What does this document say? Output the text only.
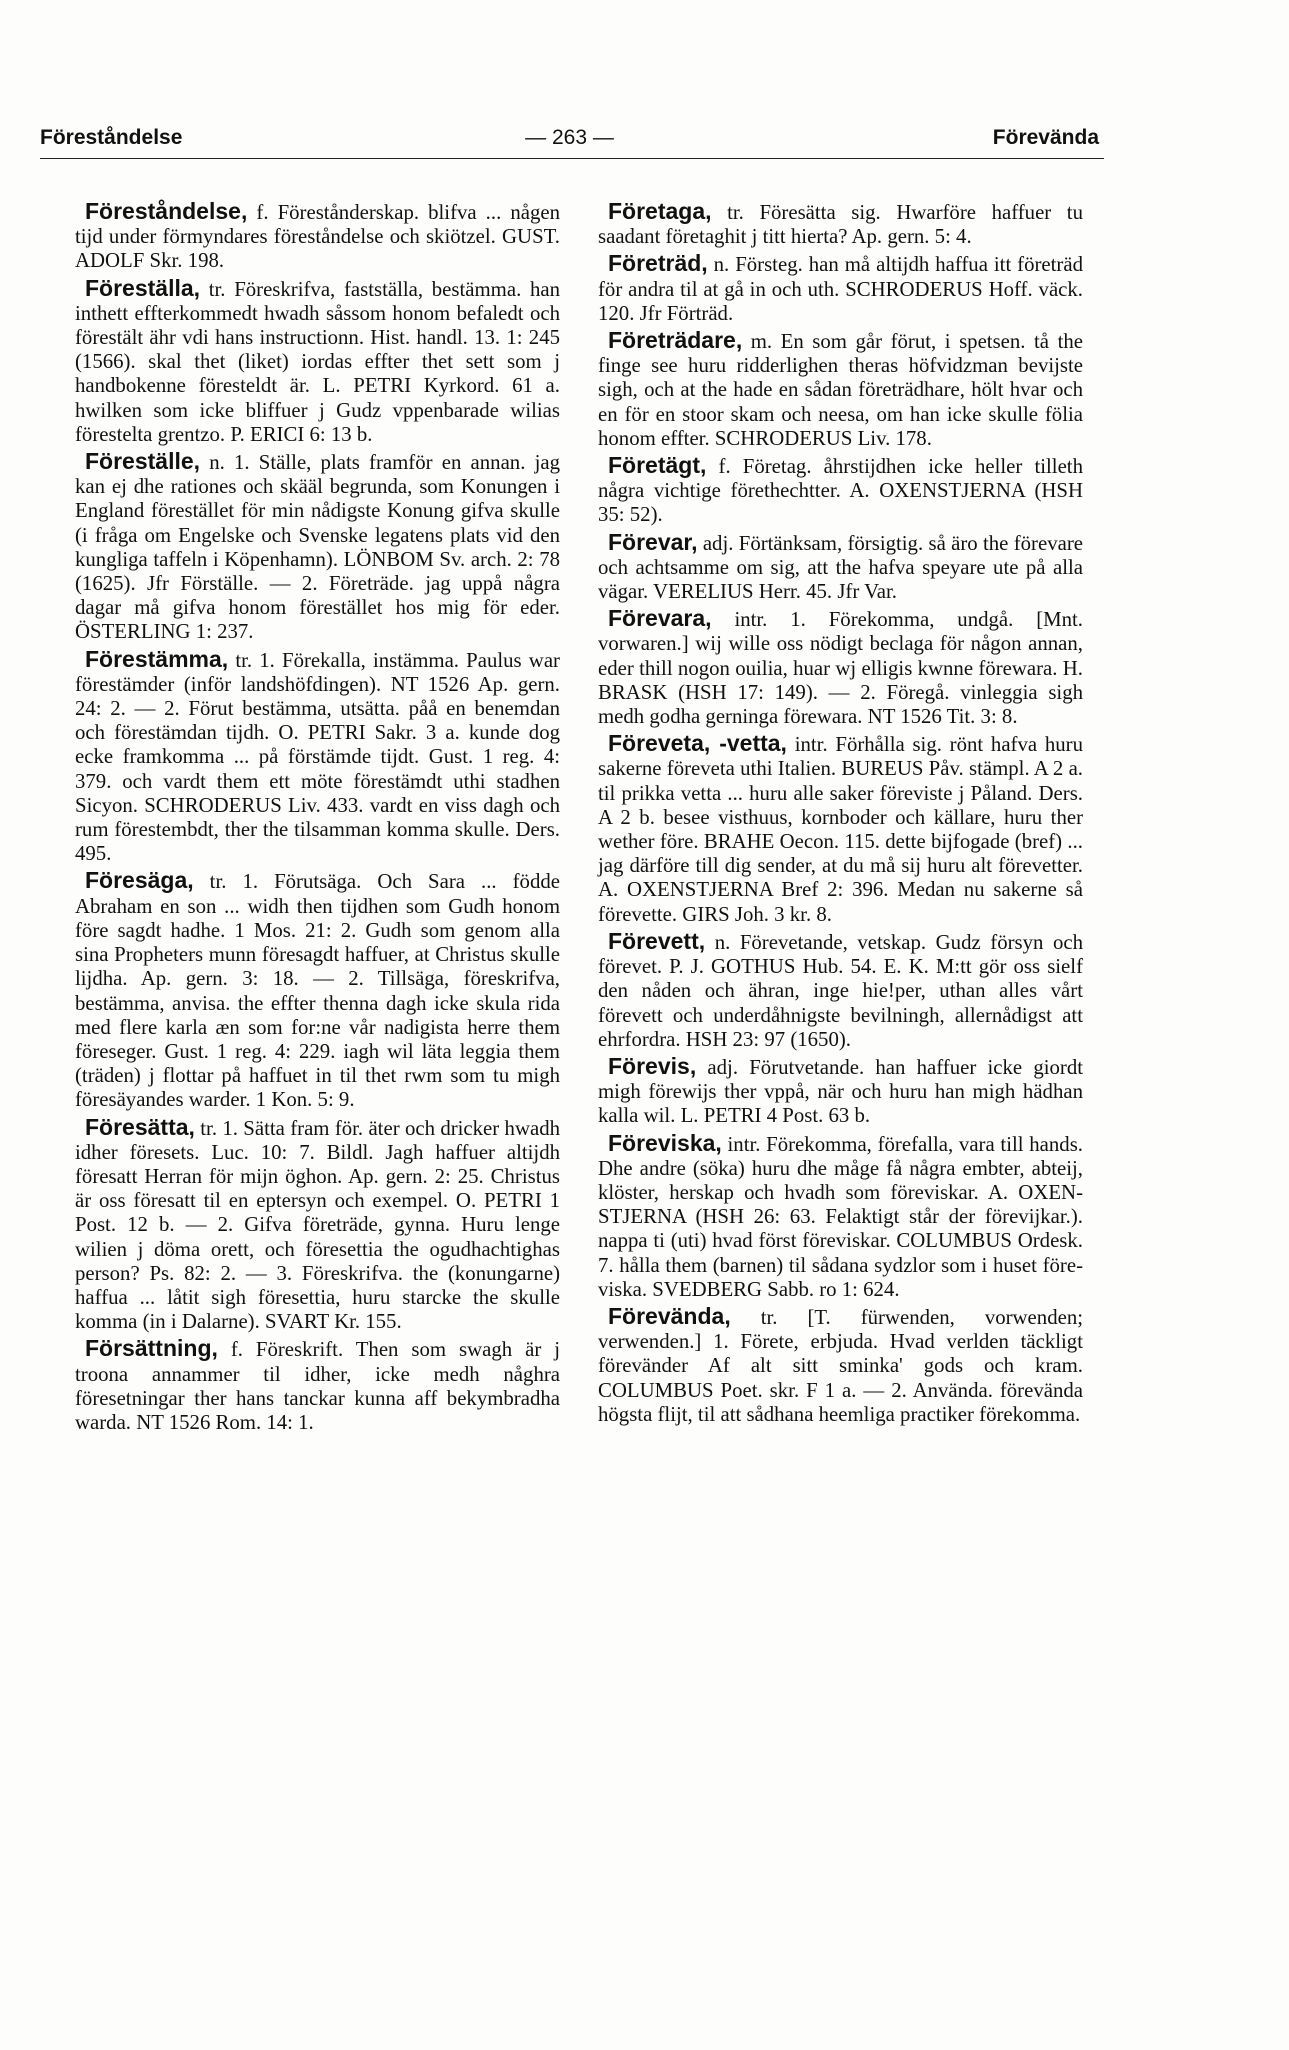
Föreståndelse	— 263 —	Förevända

Föreståndelse, f. Förestånderskap. blifva ... någen tijd under förmyndares föreståndelse och skiötzel. GUST. ADOLF Skr. 198.

Föreställa, tr. Föreskrifva, fastställa, bestämma. han inthett effterkommedt hwadh såssom honom befaledt och förestält ähr vdi hans instructionn. Hist. handl. 13. 1: 245 (1566). skal thet (liket) iordas effter thet sett som j handbokenne föresteldt är. L. PETRI Kyrkord. 61 a. hwilken som icke bliffuer j Gudz vppenbarade wilias förestelta grentzo. P. ERICI 6: 13 b.

Föreställe, n. 1. Ställe, plats framför en annan. jag kan ej dhe rationes och skääl begrunda, som Konungen i England förestället för min nådigste Konung gifva skulle (i fråga om Engelske och Svenske legatens plats vid den kungliga taffeln i Köpenhamn). LÖNBOM Sv. arch. 2: 78 (1625). Jfr Förställe. — 2. Företräde. jag uppå några dagar må gifva honom förestället hos mig för eder. ÖSTERLING 1: 237.

Förestämma, tr. 1. Förekalla, instämma. Paulus war förestämder (inför landshöfdingen). NT 1526 Ap. gern. 24: 2. — 2. Förut bestämma, utsätta. påå en benemdan och förestämdan tijdh. O. PETRI Sakr. 3 a. kunde dog ecke framkomma ... på förstämde tijdt. Gust. 1 reg. 4: 379. och vardt them ett möte förestämdt uthi stadhen Sicyon. SCHRODERUS Liv. 433. vardt en viss dagh och rum förestembdt, ther the tilsamman komma skulle. Ders. 495.

Föresäga, tr. 1. Förutsäga. Och Sara ... födde Abraham en son ... widh then tijdhen som Gudh honom före sagdt hadhe. 1 Mos. 21: 2. Gudh som genom alla sina Propheters munn föresagdt haffuer, at Christus skulle lijdha. Ap. gern. 3: 18. — 2. Tillsäga, föreskrifva, bestämma, anvisa. the effter thenna dagh icke skula rida med flere karla æn som for:ne vår nadigista herre them föreseger. Gust. 1 reg. 4: 229. iagh wil läta leggia them (träden) j flottar på haffuet in til thet rwm som tu migh föresäyandes warder. 1 Kon. 5: 9.

Föresätta, tr. 1. Sätta fram för. äter och dricker hwadh idher föresets. Luc. 10: 7. Bildl. Jagh haffuer altijdh föresatt Herran för mijn öghon. Ap. gern. 2: 25. Christus är oss föresatt til en eptersyn och exempel. O. PETRI 1 Post. 12 b. — 2. Gifva företräde, gynna. Huru lenge wilien j döma orett, och föresettia the ogudhachtighas person? Ps. 82: 2. — 3. Föreskrifva. the (konungarne) haffua ... låtit sigh föresettia, huru starcke the skulle komma (in i Dalarne). SVART Kr. 155.

Försättning, f. Föreskrift. Then som swagh är j troona annammer til idher, icke medh någhra föresetningar ther hans tanckar kunna aff bekymbradha warda. NT 1526 Rom. 14: 1.

Företaga, tr. Föresätta sig. Hwarföre haffuer tu saadant företaghit j titt hierta? Ap. gern. 5: 4.

Företräd, n. Försteg. han må altijdh haffua itt företräd för andra til at gå in och uth. SCHRODERUS Hoff. väck. 120. Jfr Förträd.

Företrädare, m. En som går förut, i spetsen. tå the finge see huru ridderlighen theras höfvidzman bevijste sigh, och at the hade en sådan företrädhare, hölt hvar och en för en stoor skam och neesa, om han icke skulle fölia honom effter. SCHRODERUS Liv. 178.

Företägt, f. Företag. åhrstijdhen icke heller tilleth några vichtige förethechtter. A. OXENSTJERNA (HSH 35: 52).

Förevar, adj. Förtänksam, försigtig. så äro the förevare och achtsamme om sig, att the hafva speyare ute på alla vägar. VERELIUS Herr. 45. Jfr Var.

Förevara, intr. 1. Förekomma, undgå. [Mnt. vorwaren.] wij wille oss nödigt beclaga för någon annan, eder thill nogon ouilia, huar wj elligis kwnne förewara. H. BRASK (HSH 17: 149). — 2. Föregå. vinleggia sigh medh godha gerninga förewara. NT 1526 Tit. 3: 8.

Föreveta, -vetta, intr. Förhålla sig. rönt hafva huru sakerne föreveta uthi Italien. BUREUS Påv. stämpl. A 2 a. til prikka vetta ... huru alle saker föreviste j Påland. Ders. A 2 b. besee visthuus, kornboder och källare, huru ther wether före. BRAHE Oecon. 115. dette bijfogade (bref) ... jag därföre till dig sender, at du må sij huru alt förevetter. A. OXENSTJERNA Bref 2: 396. Medan nu sakerne så förevette. GIRS Joh. 3 kr. 8.

Förevett, n. Förevetande, vetskap. Gudz försyn och förevet. P. J. GOTHUS Hub. 54. E. K. M:tt gör oss sielf den nåden och ähran, inge hie!per, uthan alles vårt förevett och underdåhnigste bevilningh, allernådigst att ehrfordra. HSH 23: 97 (1650).

Förevis, adj. Förutvetande. han haffuer icke giordt migh förewijs ther vppå, när och huru han migh hädhan kalla wil. L. PETRI 4 Post. 63 b.

Föreviska, intr. Förekomma, förefalla, vara till hands. Dhe andre (söka) huru dhe måge få några embter, abteij, klöster, herskap och hvadh som föreviskar. A. OXENSTJERNA (HSH 26: 63. Felaktigt står der förevijkar.). nappa ti (uti) hvad först föreviskar. COLUMBUS Ordesk. 7. hålla them (barnen) til sådana sydzlor som i huset föreviska. SVEDBERG Sabb. ro 1: 624.

Förevända, tr. [T. fürwenden, vorwenden; verwenden.] 1. Förete, erbjuda. Hvad verlden täckligt förevänder Af alt sitt sminka' gods och kram. COLUMBUS Poet. skr. F 1 a. — 2. Använda. förevända högsta flijt, til att sådhana heemliga practiker förekomma.
